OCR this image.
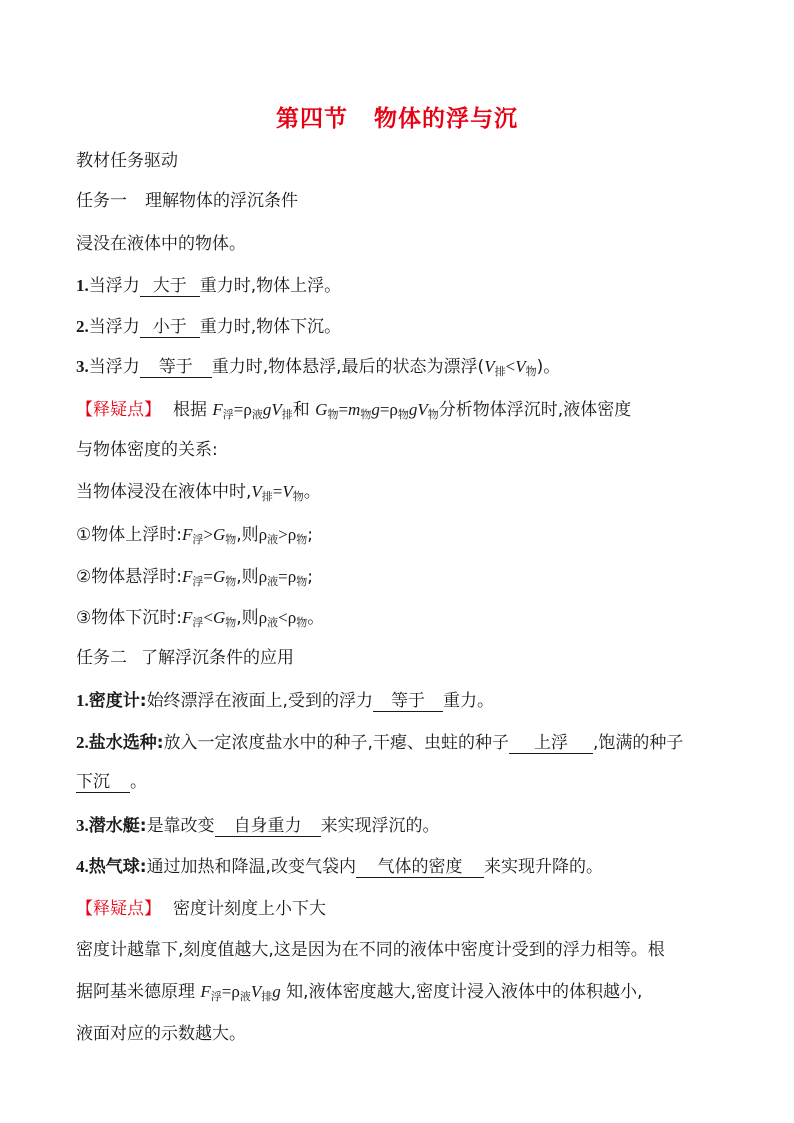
第四节 物体的浮与沉
教材任务驱动
任务一 理解物体的浮沉条件
浸没在液体中的物体。
1.当浮力 大于 重力时,物体上浮。
2.当浮力 小于 重力时,物体下沉。
3.当浮力 等于 重力时,物体悬浮,最后的状态为漂浮$(V_排<V_物)$。
【释疑点】 根据 $F_浮=\rho_液gV_排$和 $G_物=m_物g=\rho_物gV_物$分析物体浮沉时,液体密度
与物体密度的关系:
当物体浸没在液体中时$,V_排=V_物$。
①物体上浮时$:F_浮>G_物$,则$\rho_液>\rho_物$;
②物体悬浮时$:F_浮=G_物$,则$\rho_液=\rho_物$;
③物体下沉时$:F_浮<G_物$,则$\rho_液<\rho_物$。
任务二 了解浮沉条件的应用
1.密度计:始终漂浮在液面上,受到的浮力 等于 重力。
2.盐水选种:放入一定浓度盐水中的种子,干瘪、虫蛀的种子 上浮 ,饱满的种子
下沉 。
3.潜水艇:是靠改变 自身重力 来实现浮沉的。
4.热气球:通过加热和降温,改变气袋内 气体的密度 来实现升降的。
【释疑点】 密度计刻度上小下大
密度计越靠下,刻度值越大,这是因为在不同的液体中密度计受到的浮力相等。根
据阿基米德原理 $F_浮=\rho_液V_排g$ 知,液体密度越大,密度计浸入液体中的体积越小,
液面对应的示数越大。
